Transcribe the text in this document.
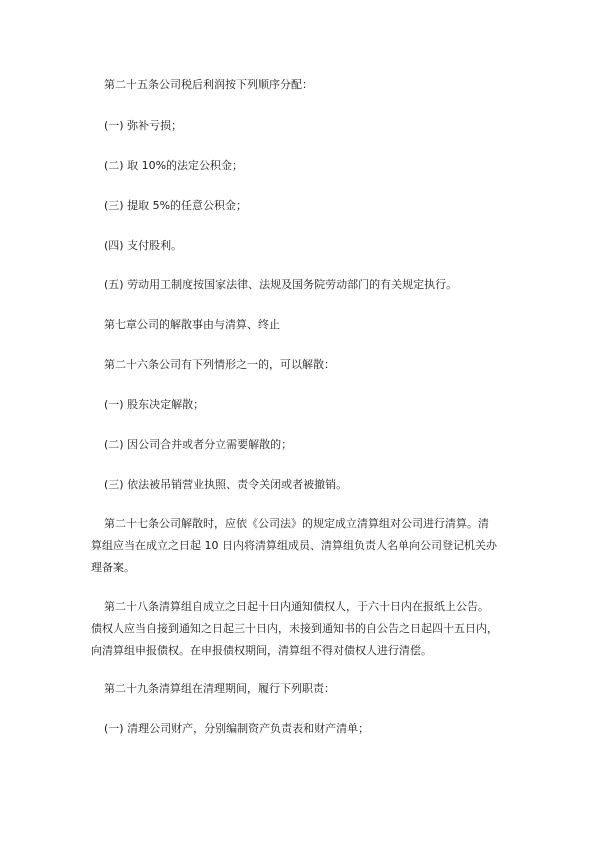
第二十五条公司税后利润按下列顺序分配：
(一) 弥补亏损；
(二) 取 10%的法定公积金；
(三) 提取 5%的任意公积金；
(四) 支付股利。
(五) 劳动用工制度按国家法律、法规及国务院劳动部门的有关规定执行。
第七章公司的解散事由与清算、终止
第二十六条公司有下列情形之一的，可以解散：
(一) 股东决定解散；
(二) 因公司合并或者分立需要解散的；
(三) 依法被吊销营业执照、责令关闭或者被撤销。
第二十七条公司解散时，应依《公司法》的规定成立清算组对公司进行清算。清
算组应当在成立之日起 10 日内将清算组成员、清算组负责人名单向公司登记机关办
理备案。
第二十八条清算组自成立之日起十日内通知债权人，于六十日内在报纸上公告。
债权人应当自接到通知之日起三十日内，未接到通知书的自公告之日起四十五日内，
向清算组申报债权。在申报债权期间，清算组不得对债权人进行清偿。
第二十九条清算组在清理期间，履行下列职责：
(一) 清理公司财产，分别编制资产负责表和财产清单；
